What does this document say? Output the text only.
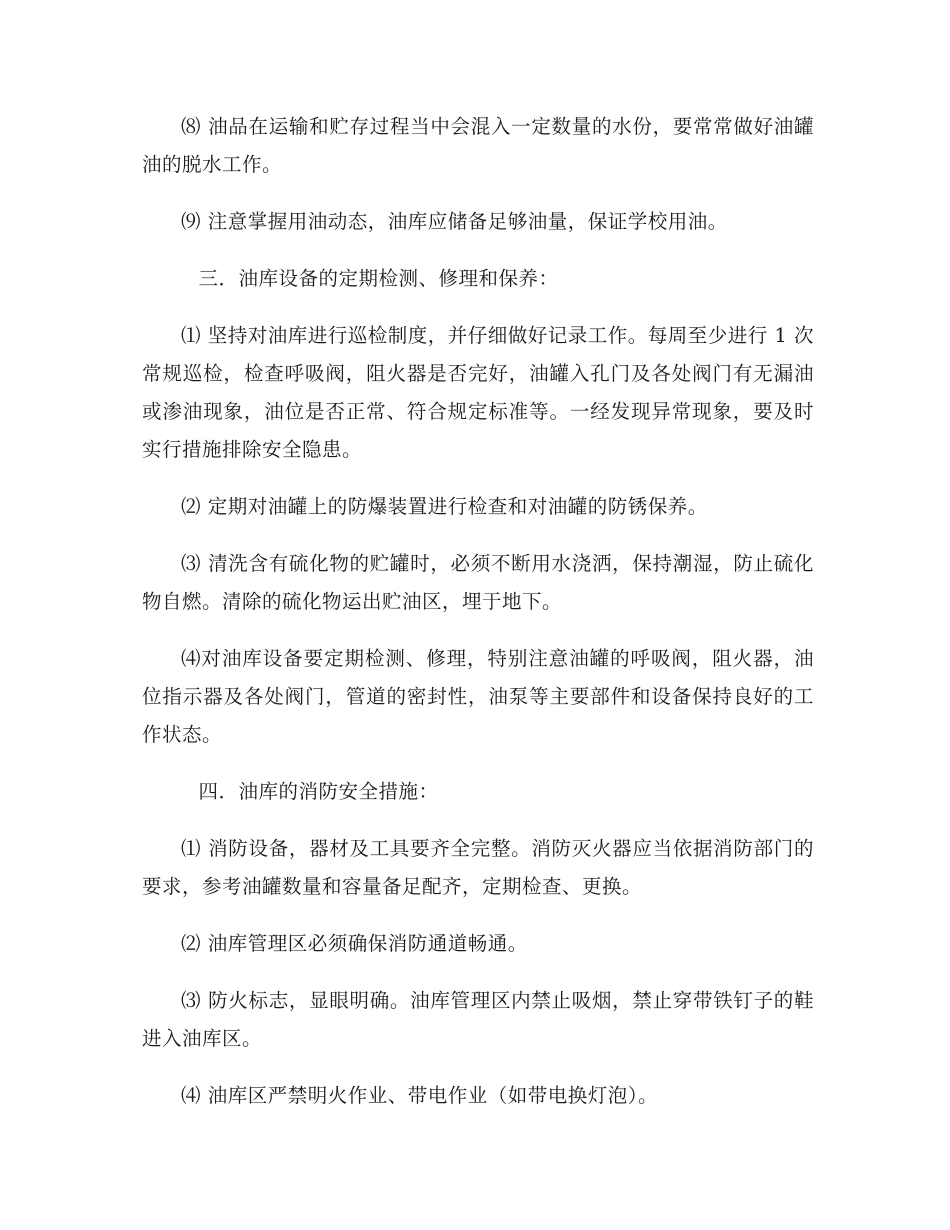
⑻ 油品在运输和贮存过程当中会混入一定数量的水份，要常常做好油罐油的脱水工作。

⑼ 注意掌握用油动态，油库应储备足够油量，保证学校用油。

三．油库设备的定期检测、修理和保养：

⑴ 坚持对油库进行巡检制度，并仔细做好记录工作。每周至少进行 1 次常规巡检，检查呼吸阀，阻火器是否完好，油罐入孔门及各处阀门有无漏油或渗油现象，油位是否正常、符合规定标准等。一经发现异常现象，要及时实行措施排除安全隐患。

⑵ 定期对油罐上的防爆装置进行检查和对油罐的防锈保养。

⑶ 清洗含有硫化物的贮罐时，必须不断用水浇洒，保持潮湿，防止硫化物自燃。清除的硫化物运出贮油区，埋于地下。

⑷对油库设备要定期检测、修理，特别注意油罐的呼吸阀，阻火器，油位指示器及各处阀门，管道的密封性，油泵等主要部件和设备保持良好的工作状态。

四．油库的消防安全措施：

⑴ 消防设备，器材及工具要齐全完整。消防灭火器应当依据消防部门的要求，参考油罐数量和容量备足配齐，定期检查、更换。

⑵ 油库管理区必须确保消防通道畅通。

⑶ 防火标志，显眼明确。油库管理区内禁止吸烟，禁止穿带铁钉子的鞋进入油库区。

⑷ 油库区严禁明火作业、带电作业（如带电换灯泡）。
